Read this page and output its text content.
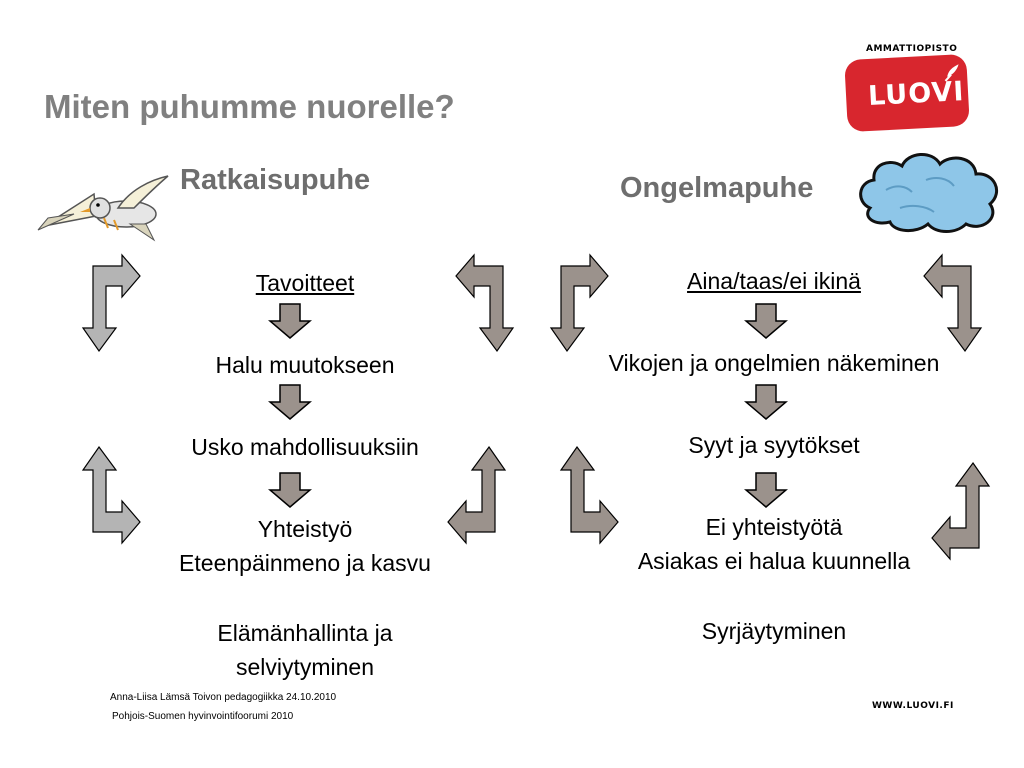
Miten puhumme nuorelle?
AMMATTIOPISTO
LUOVI
Ratkaisupuhe	Ongelmapuhe
Tavoitteet
Halu muutokseen
Usko mahdollisuuksiin
Yhteistyö
Eteenpäinmeno ja kasvu
Elämänhallinta ja
selviytyminen
Aina/taas/ei ikinä
Vikojen ja ongelmien näkeminen
Syyt ja syytökset
Ei yhteistyötä
Asiakas ei halua kuunnella
Syrjäytyminen
Anna-Liisa Lämsä Toivon pedagogiikka 24.10.2010
Pohjois-Suomen hyvinvointifoorumi 2010
WWW.LUOVI.FI
